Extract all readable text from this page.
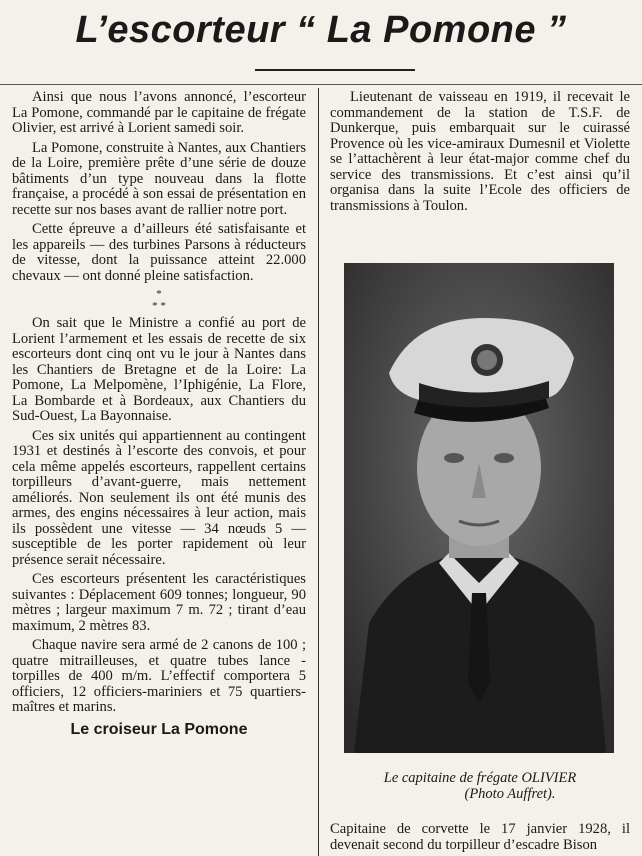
L’escorteur “ La Pomone ”

Ainsi que nous l’avons annoncé, l’escorteur La Pomone, commandé par le capitaine de frégate Olivier, est arrivé à Lorient samedi soir.

La Pomone, construite à Nantes, aux Chantiers de la Loire, première prête d’une série de douze bâtiments d’un type nouveau dans la flotte française, a procédé à son essai de présentation en recette sur nos bases avant de rallier notre port.

Cette épreuve a d’ailleurs été satisfaisante et les appareils — des turbines Parsons à réducteurs de vitesse, dont la puissance atteint 22.000 chevaux — ont donné pleine satisfaction.

*
* *

On sait que le Ministre a confié au port de Lorient l’armement et les essais de recette de six escorteurs dont cinq ont vu le jour à Nantes dans les Chantiers de Bretagne et de la Loire: La Pomone, La Melpomène, l’Iphigénie, La Flore, La Bombarde et à Bordeaux, aux Chantiers du Sud-Ouest, La Bayonnaise.

Ces six unités qui appartiennent au contingent 1931 et destinés à l’escorte des convois, et pour cela même appelés escorteurs, rappellent certains torpilleurs d’avant-guerre, mais nettement améliorés. Non seulement ils ont été munis des armes, des engins nécessaires à leur action, mais ils possèdent une vitesse — 34 nœuds 5 — susceptible de les porter rapidement où leur présence serait nécessaire.

Ces escorteurs présentent les caractéristiques suivantes : Déplacement 609 tonnes; longueur, 90 mètres ; largeur maximum 7 m. 72 ; tirant d’eau maximum, 2 mètres 83.

Chaque navire sera armé de 2 canons de 100 ; quatre mitrailleuses, et quatre tubes lance - torpilles de 400 m/m. L’effectif comportera 5 officiers, 12 officiers-mariniers et 75 quartiers-maîtres et marins.

Le croiseur La Pomone

Lieutenant de vaisseau en 1919, il recevait le commandement de la station de T.S.F. de Dunkerque, puis embarquait sur le cuirassé Provence où les vice-amiraux Dumesnil et Violette se l’attachèrent à leur état-major comme chef du service des transmissions. Et c’est ainsi qu’il organisa dans la suite l’Ecole des officiers de transmissions à Toulon.

Le capitaine de frégate OLIVIER
(Photo Auffret).
Capitaine de corvette le 17 janvier 1928, il devenait second du torpilleur d’escadre Bison
